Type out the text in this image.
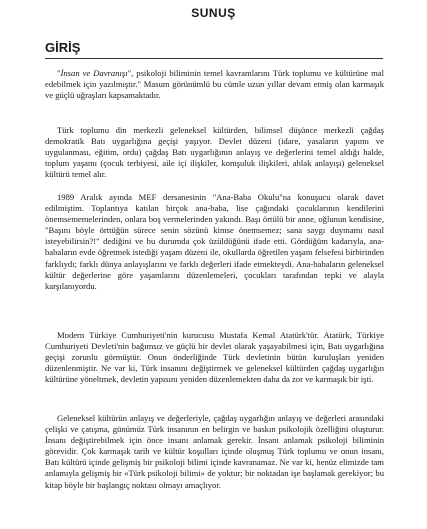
SUNUŞ
GİRİŞ

"İnsan ve Davranışı", psikoloji biliminin temel kavramlarını Türk toplumu ve kültürüne mal edebilmek için yazılmıştır." Masum görünümlü bu cümle uzun yıllar devam etmiş olan karmaşık ve güçlü uğraşları kapsamaktadır.

Türk toplumu din merkezli geleneksel kültürden, bilimsel düşünce merkezli çağdaş demokratik Batı uygarlığına geçişi yaşıyor. Devlet düzeni (idare, yasaların yapımı ve uygulanması, eğitim, ordu) çağdaş Batı uygarlığının anlayış ve değerlerini temel aldığı halde, toplum yaşamı (çocuk terbiyesi, aile içi ilişkiler, komşuluk ilişkileri, ahlak anlayışı) geleneksel kültürü temel alır.

1989 Aralık ayında MEF dersanesinin "Ana-Baba Okulu"na konuşucu olarak davet edilmiştim. Toplantıya katılan birçok ana-baba, lise çağındaki çocuklarının kendilerini önemsememelerinden, onlara boş vermelerinden yakındı. Başı örtülü bir anne, oğlunun kendisine, "Başını böyle örttüğün sürece senin sözünü kimse önemsemez; sana saygı duymamı nasıl isteyebilirsin?!" dediğini ve bu durumda çok üzüldüğünü ifade etti. Gördüğüm kadarıyla, ana-babaların evde öğretmek istediği yaşam düzeni ile, okullarda öğretilen yaşam felsefesi birbirinden farklıydı; farklı dünya anlayışlarını ve farklı değerleri ifade etmekteydi. Ana-babaların geleneksel kültür değerlerine göre yaşamlarını düzenlemeleri, çocukları tarafından tepki ve alayla karşılanıyordu.

Modern Türkiye Cumhuriyeti'nin kurucusu Mustafa Kemal Atatürk'tür. Atatürk, Türkiye Cumhuriyeti Devleti'nin bağımsız ve güçlü bir devlet olarak yaşayabilmesi için, Batı uygarlığına geçişi zorunlu görmüştür. Onun önderliğinde Türk devletinin bütün kuruluşları yeniden düzenlenmiştir. Ne var ki, Türk insanını değiştirmek ve geleneksel kültürden çağdaş uygarlığın kültürüne yöneltmek, devletin yapısını yeniden düzenlemekten daha da zor ve karmaşık bir işti.

Geleneksel kültürün anlayış ve değerleriyle, çağdaş uygarlığın anlayış ve değerleri arasındaki çelişki ve çatışma, günümüz Türk insanının en belirgin ve baskın psikolojik özelliğini oluşturur. İnsanı değiştirebilmek için önce insanı anlamak gerekir. İnsanı anlamak psikoloji biliminin görevidir. Çok karmaşık tarih ve kültür koşulları içinde oluşmuş Türk toplumu ve onun insanı, Batı kültürü içinde gelişmiş bir psikoloji bilimi içinde kavranamaz. Ne var ki, henüz elimizde tam anlamıyla gelişmiş bir «Türk psikoloji bilimi» de yoktur; bir noktadan işe başlamak gerekiyor; bu kitap böyle bir başlangıç noktası olmayı amaçlıyor.
